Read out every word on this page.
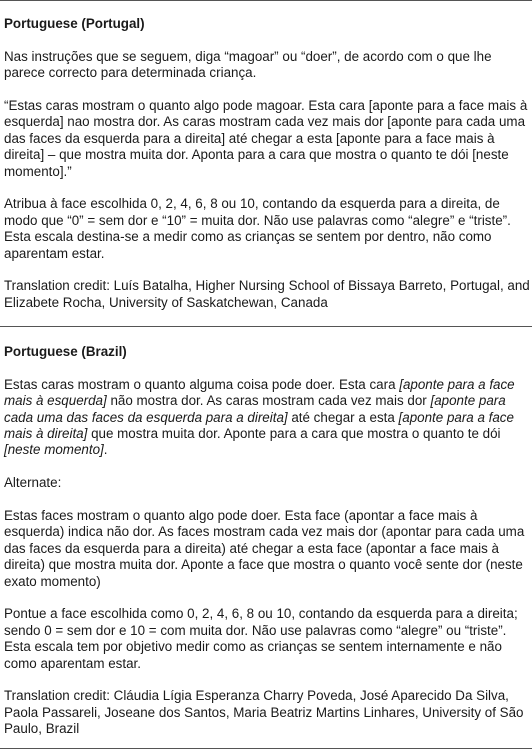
Portuguese (Portugal)

Nas instruções que se seguem, diga “magoar” ou “doer”, de acordo com o que lhe parece correcto para determinada criança.

“Estas caras mostram o quanto algo pode magoar. Esta cara [aponte para a face mais à esquerda] nao mostra dor. As caras mostram cada vez mais dor [aponte para cada uma das faces da esquerda para a direita] até chegar a esta [aponte para a face mais à direita] – que mostra muita dor. Aponta para a cara que mostra o quanto te dói [neste momento].”

Atribua à face escolhida 0, 2, 4, 6, 8 ou 10, contando da esquerda para a direita, de modo que “0” = sem dor e “10” = muita dor. Não use palavras como “alegre” e “triste”. Esta escala destina-se a medir como as crianças se sentem por dentro, não como aparentam estar.

Translation credit: Luís Batalha, Higher Nursing School of Bissaya Barreto, Portugal, and Elizabete Rocha, University of Saskatchewan, Canada

Portuguese (Brazil)

Estas caras mostram o quanto alguma coisa pode doer. Esta cara [aponte para a face mais à esquerda] não mostra dor. As caras mostram cada vez mais dor [aponte para cada uma das faces da esquerda para a direita] até chegar a esta [aponte para a face mais à direita] que mostra muita dor. Aponte para a cara que mostra o quanto te dói [neste momento].

Alternate:

Estas faces mostram o quanto algo pode doer. Esta face (apontar a face mais à esquerda) indica não dor. As faces mostram cada vez mais dor (apontar para cada uma das faces da esquerda para a direita) até chegar a esta face (apontar a face mais à direita) que mostra muita dor. Aponte a face que mostra o quanto você sente dor (neste exato momento)

Pontue a face escolhida como 0, 2, 4, 6, 8 ou 10, contando da esquerda para a direita; sendo 0 = sem dor e 10 = com muita dor. Não use palavras como “alegre” ou “triste”. Esta escala tem por objetivo medir como as crianças se sentem internamente e não como aparentam estar.

Translation credit: Cláudia Lígia Esperanza Charry Poveda, José Aparecido Da Silva, Paola Passareli, Joseane dos Santos, Maria Beatriz Martins Linhares, University of São Paulo, Brazil
